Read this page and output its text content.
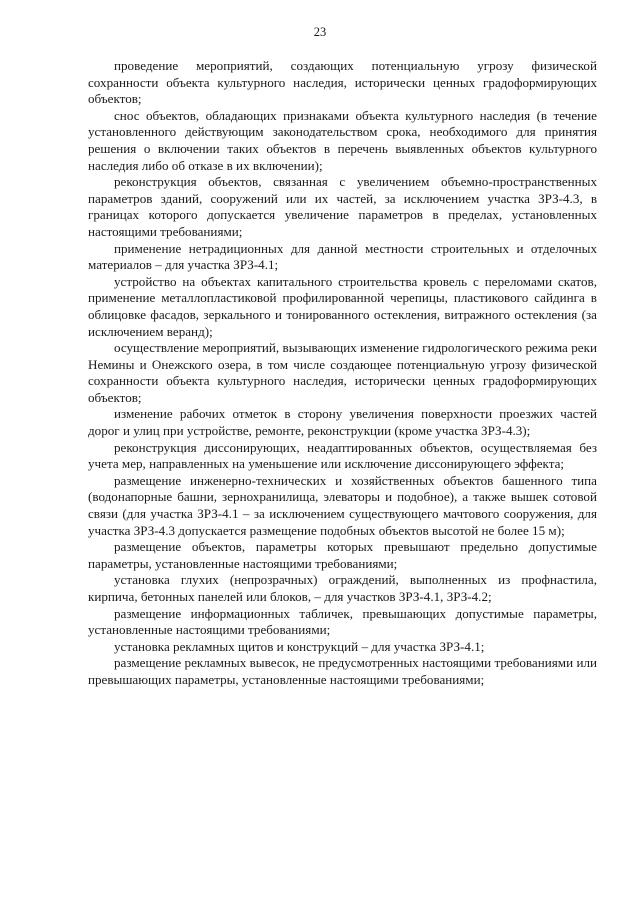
23

проведение мероприятий, создающих потенциальную угрозу физической сохранности объекта культурного наследия, исторически ценных градоформирующих объектов;

снос объектов, обладающих признаками объекта культурного наследия (в течение установленного действующим законодательством срока, необходимого для принятия решения о включении таких объектов в перечень выявленных объектов культурного наследия либо об отказе в их включении);

реконструкция объектов, связанная с увеличением объемно-пространственных параметров зданий, сооружений или их частей, за исключением участка ЗРЗ-4.3, в границах которого допускается увеличение параметров в пределах, установленных настоящими требованиями;

применение нетрадиционных для данной местности строительных и отделочных материалов – для участка ЗРЗ-4.1;

устройство на объектах капитального строительства кровель с переломами скатов, применение металлопластиковой профилированной черепицы, пластикового сайдинга в облицовке фасадов, зеркального и тонированного остекления, витражного остекления (за исключением веранд);

осуществление мероприятий, вызывающих изменение гидрологического режима реки Немины и Онежского озера, в том числе создающее потенциальную угрозу физической сохранности объекта культурного наследия, исторически ценных градоформирующих объектов;

изменение рабочих отметок в сторону увеличения поверхности проезжих частей дорог и улиц при устройстве, ремонте, реконструкции (кроме участка ЗРЗ-4.3);

реконструкция диссонирующих, неадаптированных объектов, осуществляемая без учета мер, направленных на уменьшение или исключение диссонирующего эффекта;

размещение инженерно-технических и хозяйственных объектов башенного типа (водонапорные башни, зернохранилища, элеваторы и подобное), а также вышек сотовой связи (для участка ЗРЗ-4.1 – за исключением существующего мачтового сооружения, для участка ЗРЗ-4.3 допускается размещение подобных объектов высотой не более 15 м);

размещение объектов, параметры которых превышают предельно допустимые параметры, установленные настоящими требованиями;

установка глухих (непрозрачных) ограждений, выполненных из профнастила, кирпича, бетонных панелей или блоков, – для участков ЗРЗ-4.1, ЗРЗ-4.2;

размещение информационных табличек, превышающих допустимые параметры, установленные настоящими требованиями;

установка рекламных щитов и конструкций – для участка ЗРЗ-4.1;

размещение рекламных вывесок, не предусмотренных настоящими требованиями или превышающих параметры, установленные настоящими требованиями;
